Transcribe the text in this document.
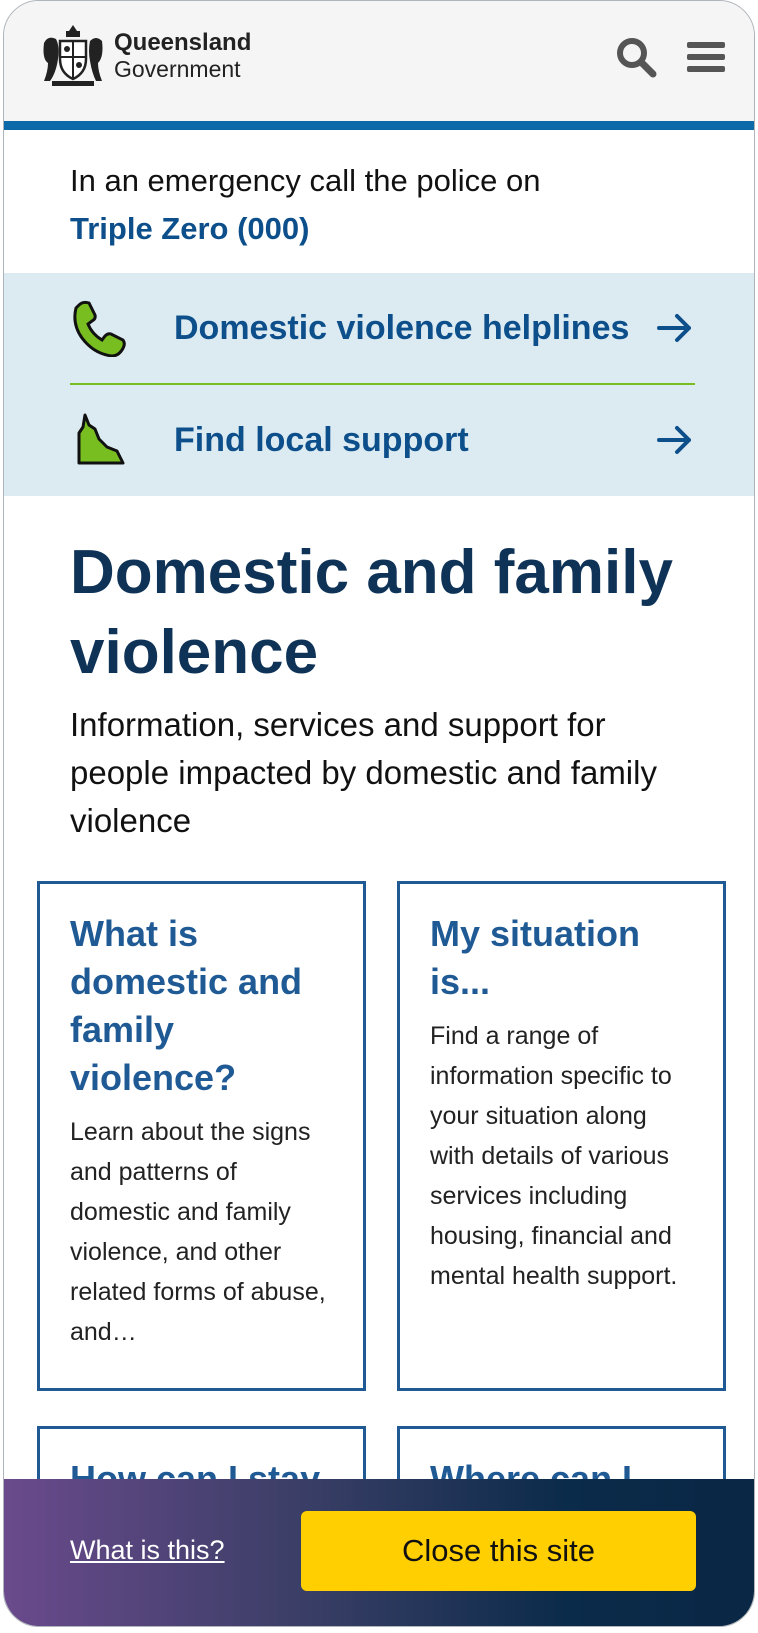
Queensland
Government
In an emergency call the police on
Triple Zero (000)
Domestic violence helplines
Find local support
Domestic and family violence

Information, services and support for people impacted by domestic and family violence

What is domestic and family violence?

Learn about the signs and patterns of domestic and family violence, and other related forms of abuse, and…

My situation is...

Find a range of information specific to your situation along with details of various services including housing, financial and mental health support.

What is this?	Close this site
